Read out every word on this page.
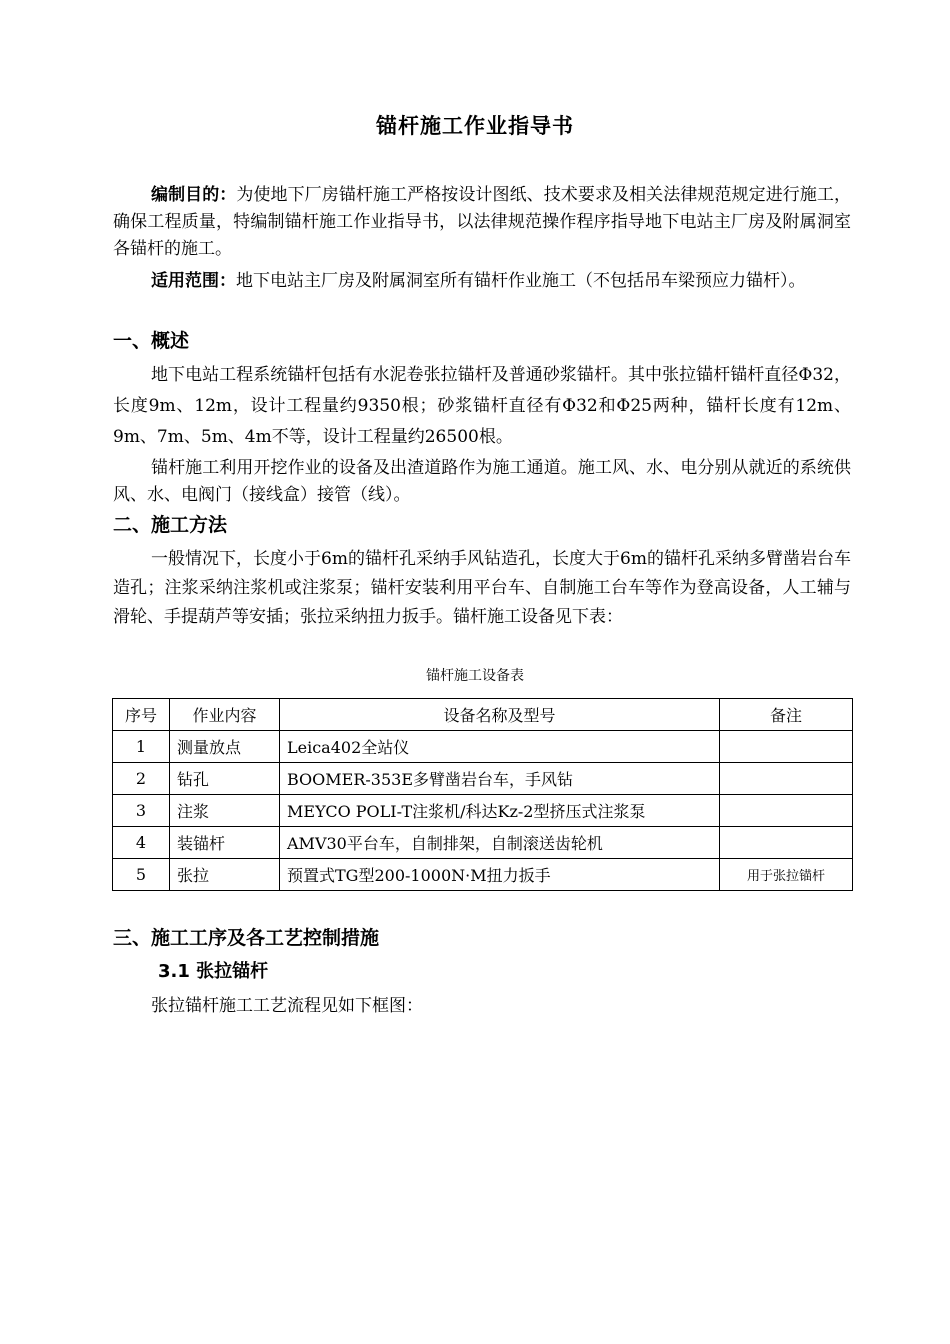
锚杆施工作业指导书

编制目的：为使地下厂房锚杆施工严格按设计图纸、技术要求及相关法律规范规定进行施工，确保工程质量，特编制锚杆施工作业指导书，以法律规范操作程序指导地下电站主厂房及附属洞室各锚杆的施工。

适用范围：地下电站主厂房及附属洞室所有锚杆作业施工（不包括吊车梁预应力锚杆）。

一、概述

地下电站工程系统锚杆包括有水泥卷张拉锚杆及普通砂浆锚杆。其中张拉锚杆锚杆直径Φ32，长度9m、12m，设计工程量约9350根；砂浆锚杆直径有Φ32和Φ25两种，锚杆长度有12m、9m、7m、5m、4m不等，设计工程量约26500根。

锚杆施工利用开挖作业的设备及出渣道路作为施工通道。施工风、水、电分别从就近的系统供风、水、电阀门（接线盒）接管（线）。

二、施工方法

一般情况下，长度小于6m的锚杆孔采纳手风钻造孔，长度大于6m的锚杆孔采纳多臂凿岩台车造孔；注浆采纳注浆机或注浆泵；锚杆安装利用平台车、自制施工台车等作为登高设备，人工辅与滑轮、手提葫芦等安插；张拉采纳扭力扳手。锚杆施工设备见下表：

锚杆施工设备表
序号	作业内容	设备名称及型号	备注
1	测量放点	Leica402全站仪	
2	钻孔	BOOMER-353E多臂凿岩台车，手风钻	
3	注浆	MEYCO POLI-T注浆机/科达Kz-2型挤压式注浆泵	
4	装锚杆	AMV30平台车，自制排架，自制滚送齿轮机	
5	张拉	预置式TG型200-1000N·M扭力扳手	用于张拉锚杆
三、施工工序及各工艺控制措施
3.1 张拉锚杆

张拉锚杆施工工艺流程见如下框图：
